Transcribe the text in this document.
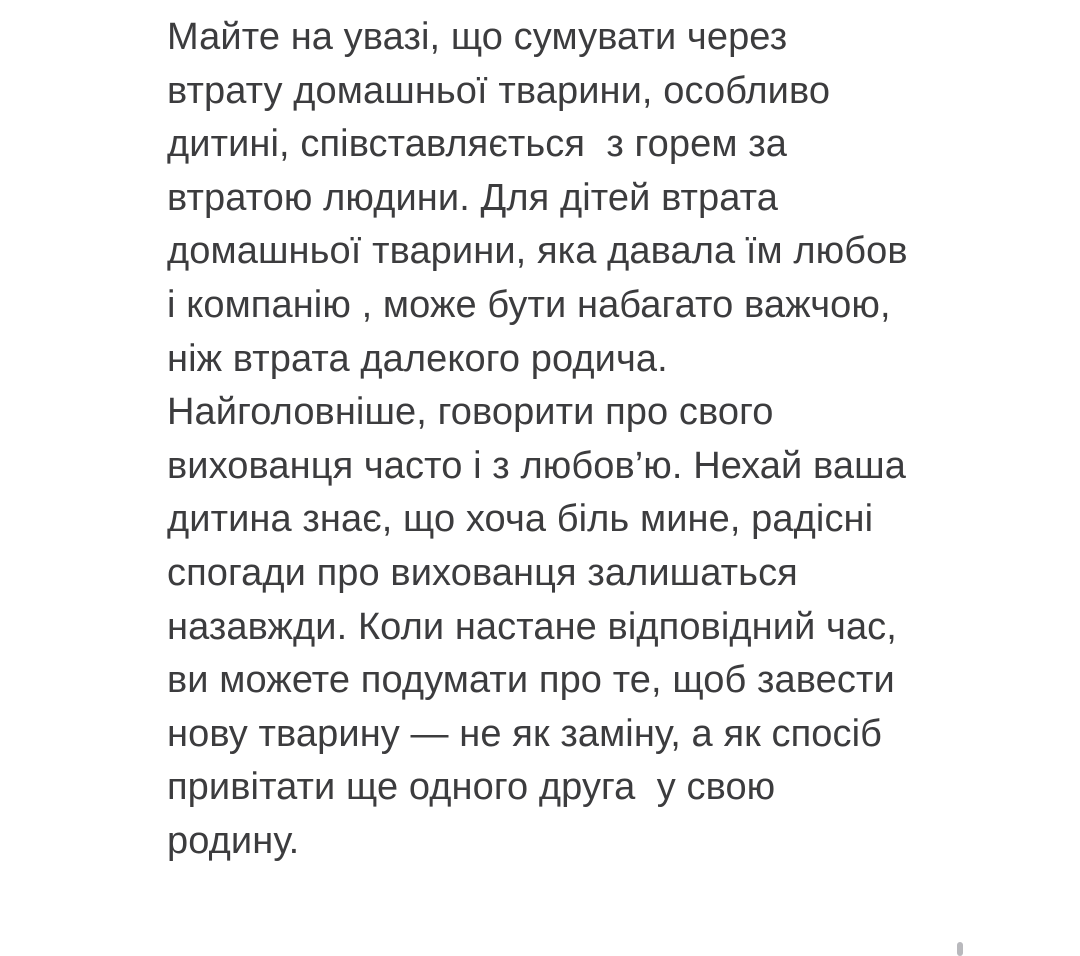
Майте на увазі, що сумувати через
втрату домашньої тварини, особливо
дитині, співставляється  з горем за
втратою людини. Для дітей втрата
домашньої тварини, яка давала їм любов
і компанію , може бути набагато важчою,
ніж втрата далекого родича.
Найголовніше, говорити про свого
вихованця часто і з любов’ю. Нехай ваша
дитина знає, що хоча біль мине, радісні
спогади про вихованця залишаться
назавжди. Коли настане відповідний час,
ви можете подумати про те, щоб завести
нову тварину — не як заміну, а як спосіб
привітати ще одного друга  у свою
родину.
